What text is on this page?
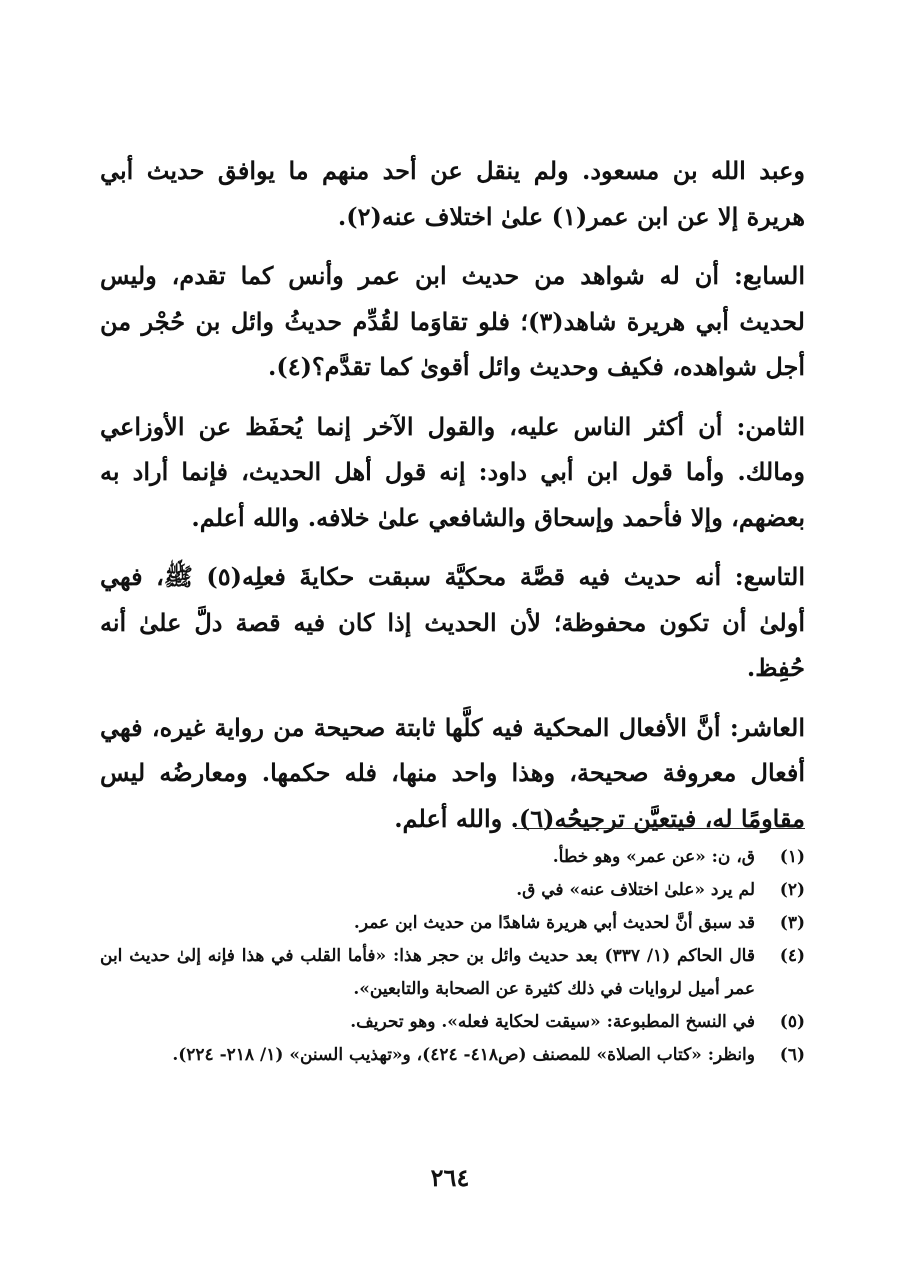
وعبد الله بن مسعود. ولم ينقل عن أحد منهم ما يوافق حديث أبي هريرة إلا عن ابن عمر(١) علىٰ اختلاف عنه(٢).

السابع: أن له شواهد من حديث ابن عمر وأنس كما تقدم، وليس لحديث أبي هريرة شاهد(٣)؛ فلو تقاوَما لقُدِّم حديثُ وائل بن حُجْر من أجل شواهده، فكيف وحديث وائل أقوىٰ كما تقدَّم؟(٤).

الثامن: أن أكثر الناس عليه، والقول الآخر إنما يُحفَظ عن الأوزاعي ومالك. وأما قول ابن أبي داود: إنه قول أهل الحديث، فإنما أراد به بعضهم، وإلا فأحمد وإسحاق والشافعي علىٰ خلافه. والله أعلم.

التاسع: أنه حديث فيه قصَّة محكيَّة سبقت حكايةَ فعلِه(٥) ﷺ، فهي أولىٰ أن تكون محفوظة؛ لأن الحديث إذا كان فيه قصة دلَّ علىٰ أنه حُفِظ.

العاشر: أنَّ الأفعال المحكية فيه كلَّها ثابتة صحيحة من رواية غيره، فهي أفعال معروفة صحيحة، وهذا واحد منها، فله حكمها. ومعارضُه ليس مقاومًا له، فيتعيَّن ترجيحُه(٦). والله أعلم.

(١)
ق، ن: «عن عمر» وهو خطأ.
(٢)
لم يرد «علىٰ اختلاف عنه» في ق.
(٣)
قد سبق أنَّ لحديث أبي هريرة شاهدًا من حديث ابن عمر.
(٤)
قال الحاكم (١/ ٣٣٧) بعد حديث وائل بن حجر هذا: «فأما القلب في هذا فإنه إلىٰ حديث ابن عمر أميل لروايات في ذلك كثيرة عن الصحابة والتابعين».
(٥)
في النسخ المطبوعة: «سيقت لحكاية فعله». وهو تحريف.
(٦)
وانظر: «كتاب الصلاة» للمصنف (ص٤١٨- ٤٢٤)، و«تهذيب السنن» (١/ ٢١٨- ٢٢٤).
٢٦٤
